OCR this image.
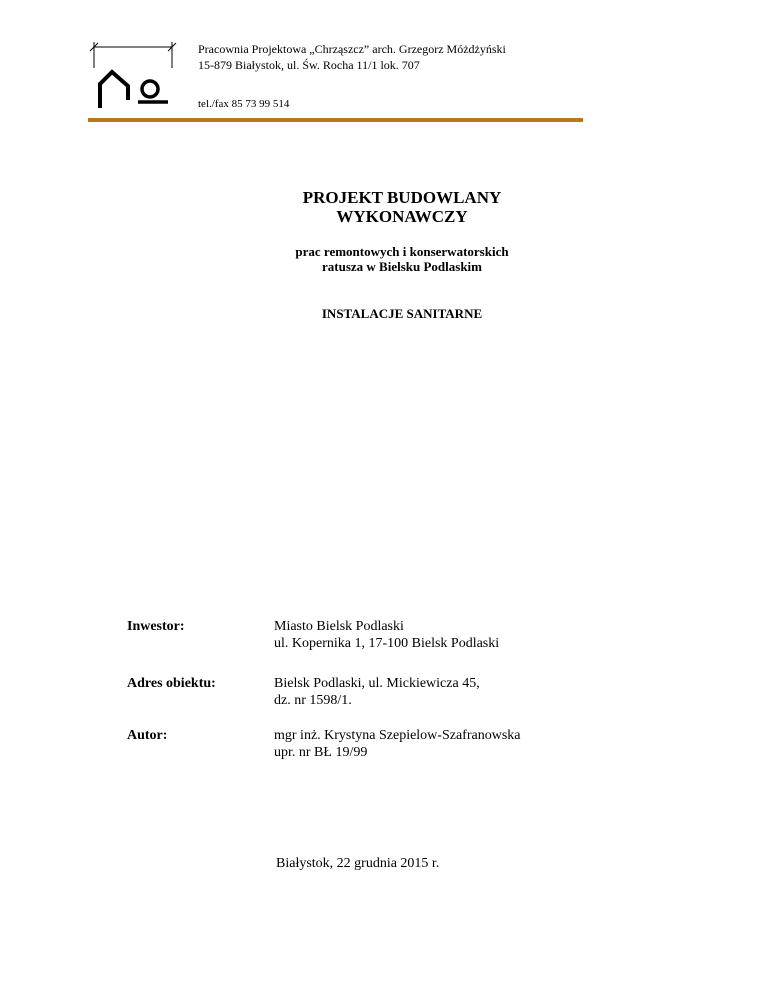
Pracownia Projektowa „Chrząszcz” arch. Grzegorz Móżdżyński
15-879 Białystok, ul. Św. Rocha 11/1 lok. 707
tel./fax 85 73 99 514
PROJEKT BUDOWLANY
WYKONAWCZY
prac remontowych i konserwatorskich
ratusza w Bielsku Podlaskim
INSTALACJE SANITARNE
Inwestor:	Miasto Bielsk Podlaski
ul. Kopernika 1, 17-100 Bielsk Podlaski
Adres obiektu:	Bielsk Podlaski, ul. Mickiewicza 45,
dz. nr 1598/1.
Autor:	mgr inż. Krystyna Szepielow-Szafranowska
upr. nr BŁ 19/99
Białystok, 22 grudnia 2015 r.
